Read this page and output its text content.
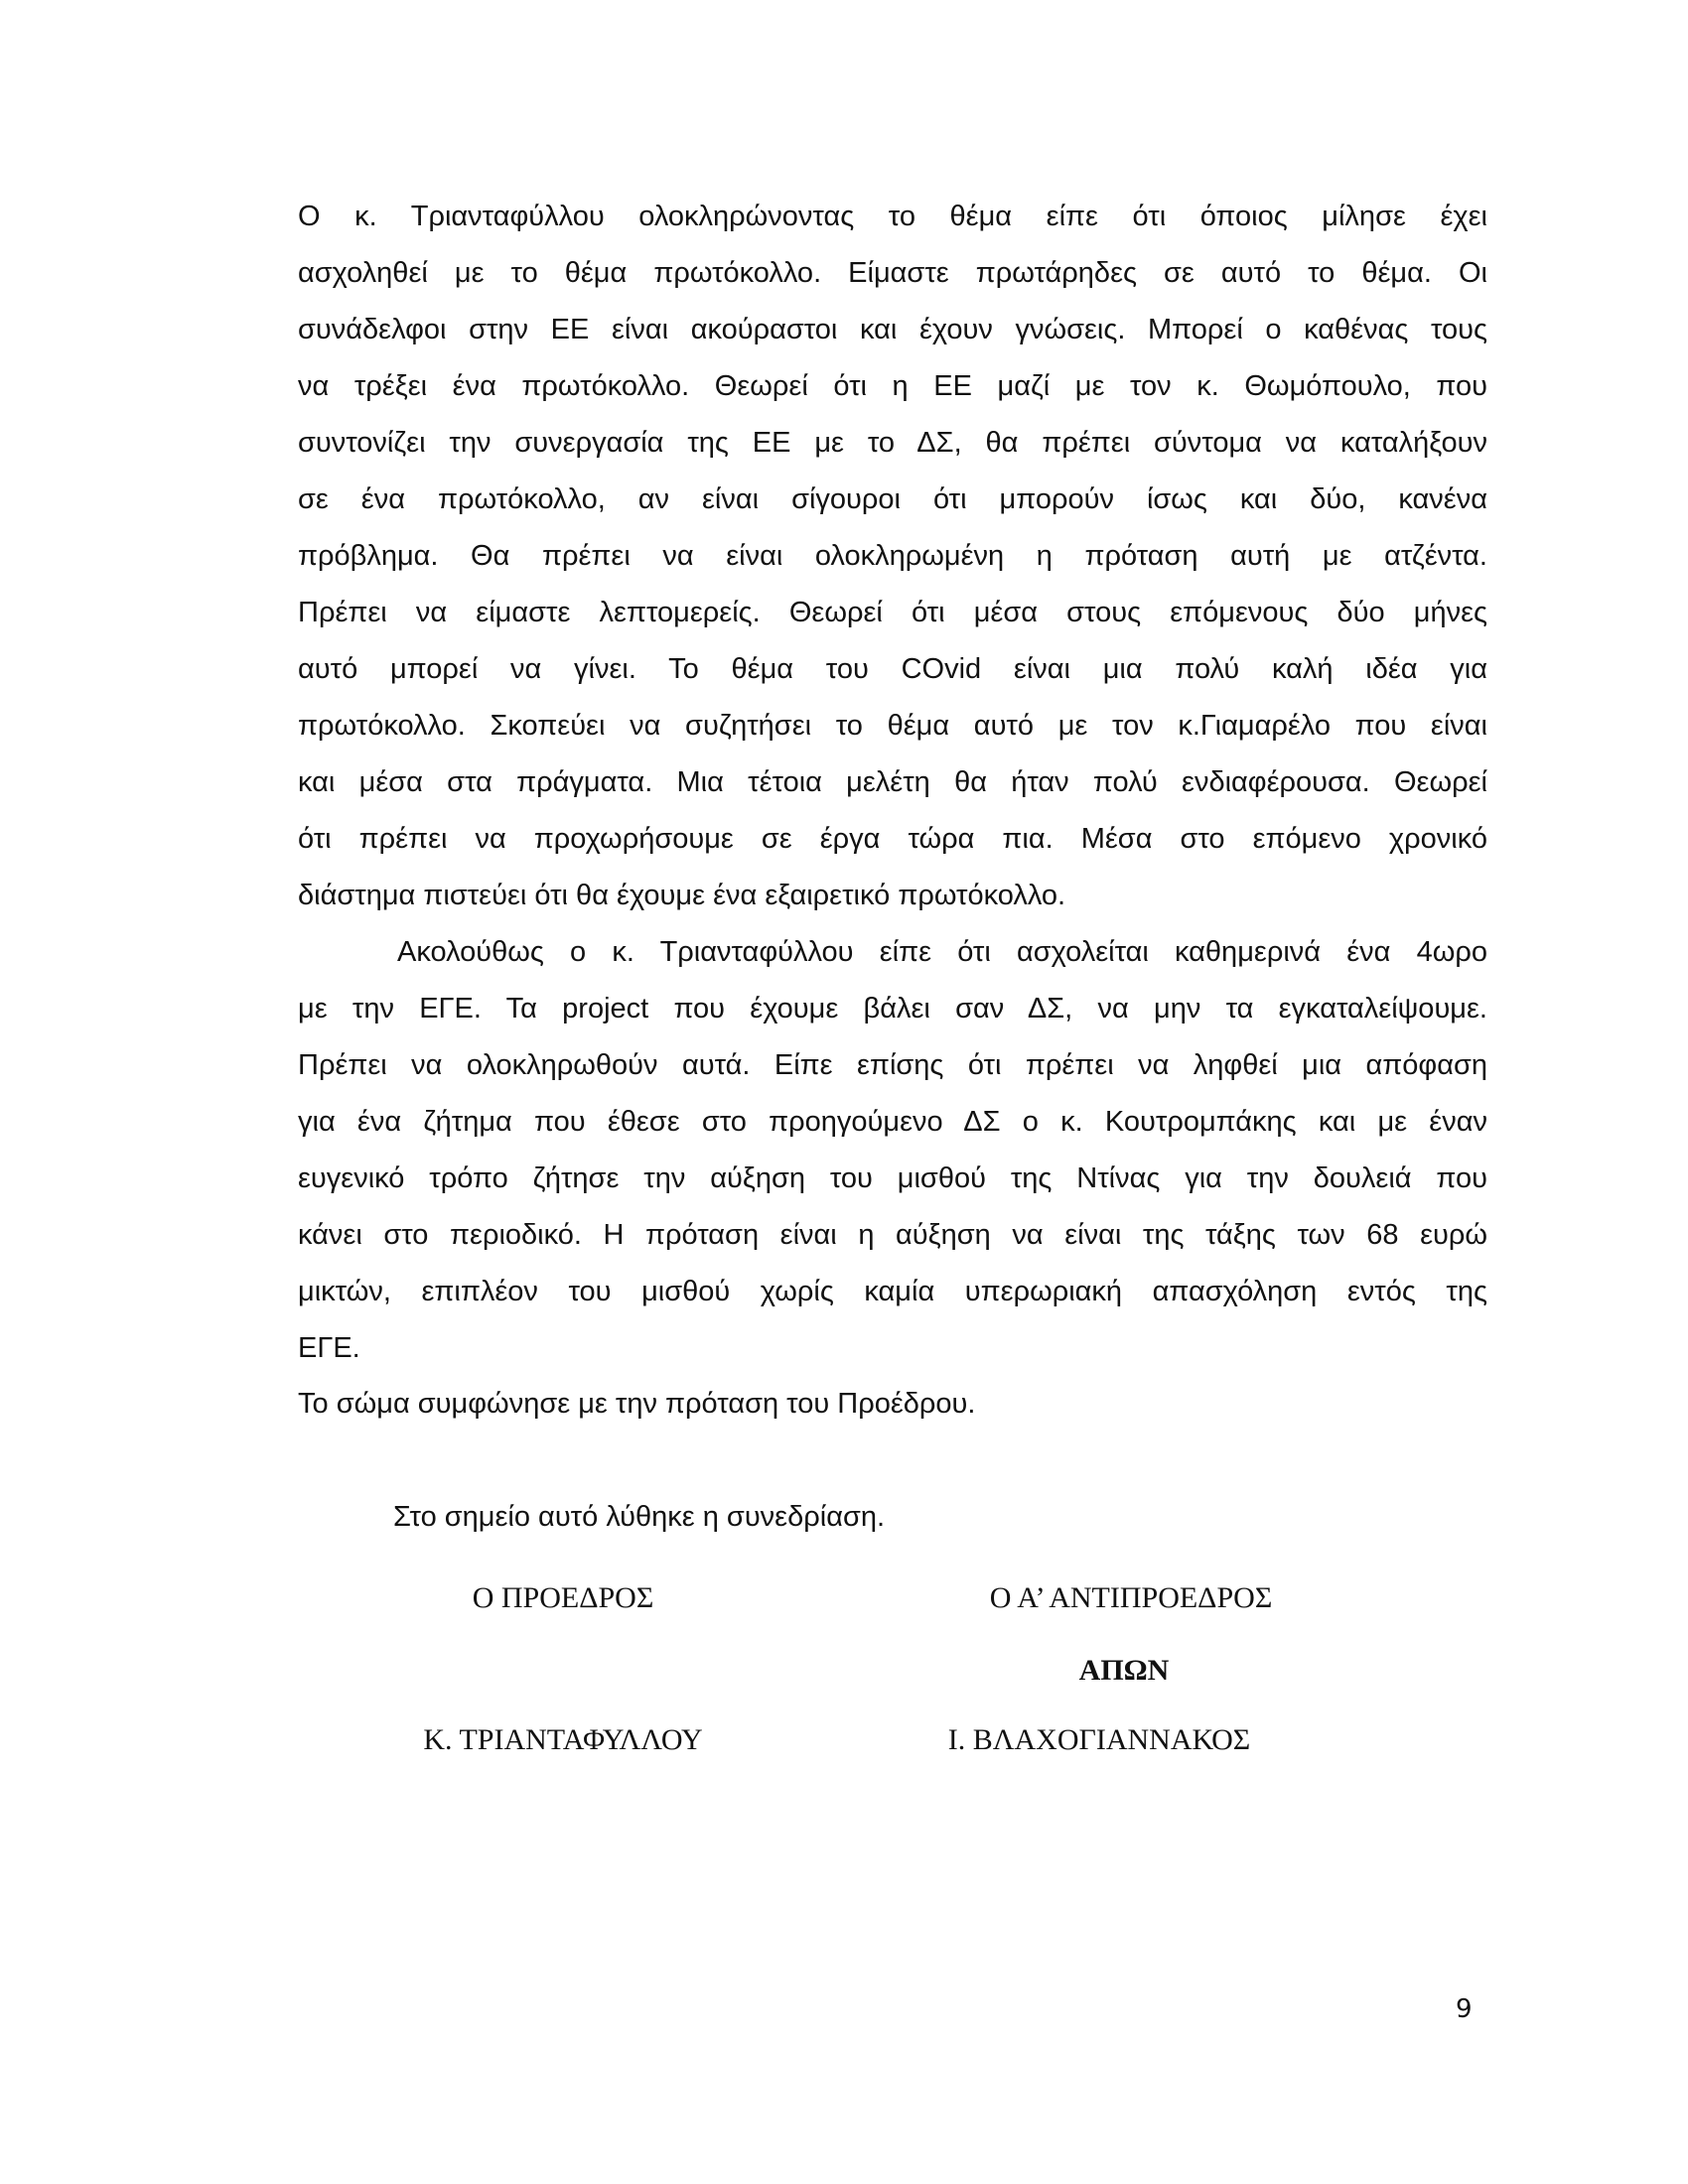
Ο κ. Τριανταφύλλου ολοκληρώνοντας το θέμα είπε ότι όποιος μίλησε έχει
ασχοληθεί με το θέμα πρωτόκολλο. Είμαστε πρωτάρηδες σε αυτό το θέμα. Οι
συνάδελφοι στην ΕΕ είναι ακούραστοι και έχουν γνώσεις. Μπορεί ο καθένας τους
να τρέξει ένα πρωτόκολλο. Θεωρεί ότι η ΕΕ μαζί με τον κ. Θωμόπουλο, που
συντονίζει την συνεργασία της ΕΕ με το ΔΣ, θα πρέπει σύντομα να καταλήξουν
σε ένα πρωτόκολλο, αν είναι σίγουροι ότι μπορούν ίσως και δύο, κανένα
πρόβλημα. Θα πρέπει να είναι ολοκληρωμένη η πρόταση αυτή με ατζέντα.
Πρέπει να είμαστε λεπτομερείς. Θεωρεί ότι μέσα στους επόμενους δύο μήνες
αυτό μπορεί να γίνει. Το θέμα του COvid είναι μια πολύ καλή ιδέα για
πρωτόκολλο. Σκοπεύει να συζητήσει το θέμα αυτό με τον κ.Γιαμαρέλο που είναι
και μέσα στα πράγματα. Μια τέτοια μελέτη θα ήταν πολύ ενδιαφέρουσα. Θεωρεί
ότι πρέπει να προχωρήσουμε σε έργα τώρα πια. Μέσα στο επόμενο χρονικό
διάστημα πιστεύει ότι θα έχουμε ένα εξαιρετικό πρωτόκολλο.
Ακολούθως ο κ. Τριανταφύλλου είπε ότι ασχολείται καθημερινά ένα 4ωρο
με την ΕΓΕ. Τα project που έχουμε βάλει σαν ΔΣ, να μην τα εγκαταλείψουμε.
Πρέπει να ολοκληρωθούν αυτά. Είπε επίσης ότι πρέπει να ληφθεί μια απόφαση
για ένα ζήτημα που έθεσε στο προηγούμενο ΔΣ ο κ. Κουτρομπάκης και με έναν
ευγενικό τρόπο ζήτησε την αύξηση του μισθού της Ντίνας για την δουλειά που
κάνει στο περιοδικό. Η πρόταση είναι η αύξηση να είναι της τάξης των 68 ευρώ
μικτών, επιπλέον του μισθού χωρίς καμία υπερωριακή απασχόληση εντός της
ΕΓΕ.
Το σώμα συμφώνησε με την πρόταση του Προέδρου.
Στο σημείο αυτό λύθηκε η συνεδρίαση.
Ο ΠΡΟΕΔΡΟΣ	Ο Α’ ΑΝΤΙΠΡΟΕΔΡΟΣ
ΑΠΩΝ
Κ. ΤΡΙΑΝΤΑΦΥΛΛΟΥ	Ι. ΒΛΑΧΟΓΙΑΝΝΑΚΟΣ
9
